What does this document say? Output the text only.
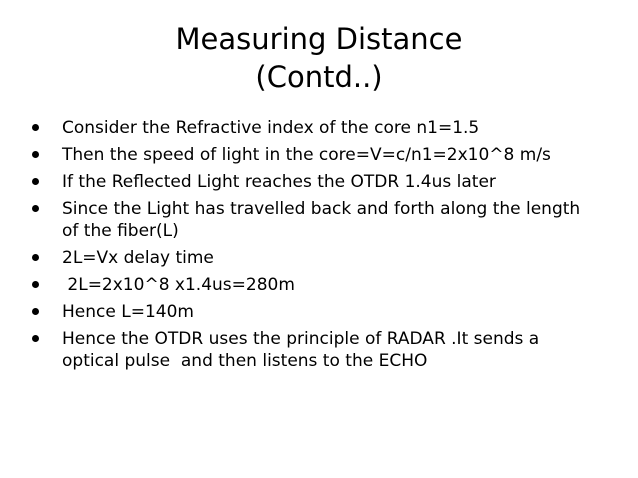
Measuring Distance
(Contd..)
Consider the Refractive index of the core n1=1.5
Then the speed of light in the core=V=c/n1=2x10^8 m/s
If the Reflected Light reaches the OTDR 1.4us later
Since the Light has travelled back and forth along the length
of the fiber(L)
2L=Vx delay time
2L=2x10^8 x1.4us=280m
Hence L=140m
Hence the OTDR uses the principle of RADAR .It sends a
optical pulse  and then listens to the ECHO
